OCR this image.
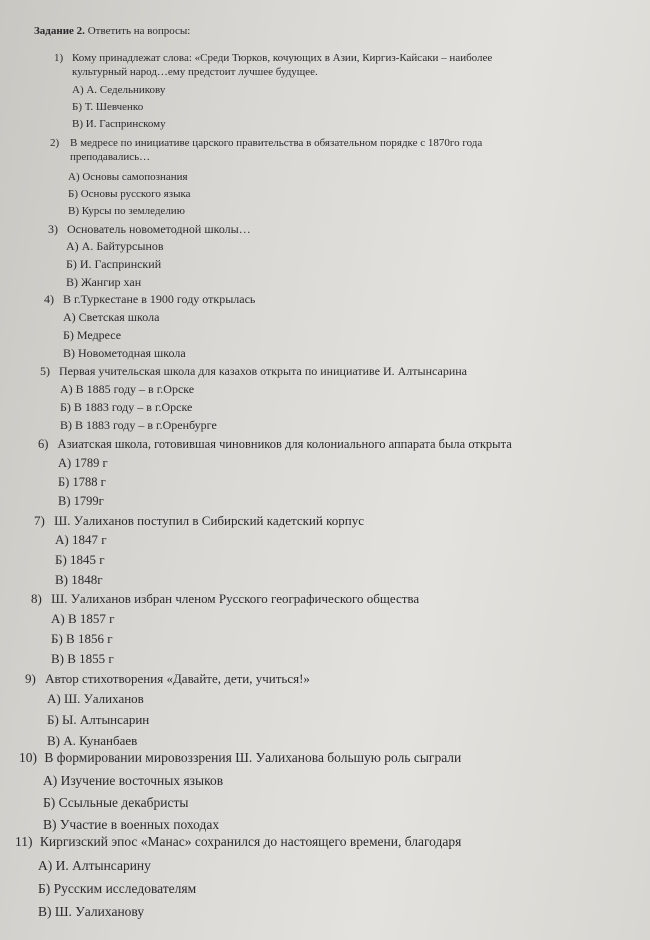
Задание 2. Ответить на вопросы:
1) Кому принадлежат слова: «Среди Тюрков, кочующих в Азии, Киргиз-Кайсаки – наиболее
культурный народ…ему предстоит лучшее будущее.
А) А. Седельникову
Б) Т. Шевченко
В) И. Гаспринскому
2) В медресе по инициативе царского правительства в обязательном порядке с 1870го года
преподавались…
А) Основы самопознания
Б) Основы русского языка
В) Курсы по земледелию
3) Основатель новометодной школы…
А) А. Байтурсынов
Б) И. Гаспринский
В) Жангир хан
4) В г.Туркестане в 1900 году открылась
А) Светская школа
Б) Медресе
В) Новометодная школа
5) Первая учительская школа для казахов открыта по инициативе И. Алтынсарина
А) В 1885 году – в г.Орске
Б) В 1883 году – в г.Орске
В) В 1883 году – в г.Оренбурге
6) Азиатская школа, готовившая чиновников для колониального аппарата была открыта
А) 1789 г
Б) 1788 г
В) 1799г
7) Ш. Уалиханов поступил в Сибирский кадетский корпус
А) 1847 г
Б) 1845 г
В) 1848г
8) Ш. Уалиханов избран членом Русского географического общества
А) В 1857 г
Б) В 1856 г
В) В 1855 г
9) Автор стихотворения «Давайте, дети, учиться!»
А) Ш. Уалиханов
Б) Ы. Алтынсарин
В) А. Кунанбаев
10) В формировании мировоззрения Ш. Уалиханова большую роль сыграли
А) Изучение восточных языков
Б) Ссыльные декабристы
В) Участие в военных походах
11) Киргизский эпос «Манас» сохранился до настоящего времени, благодаря
А) И. Алтынсарину
Б) Русским исследователям
В) Ш. Уалиханову
